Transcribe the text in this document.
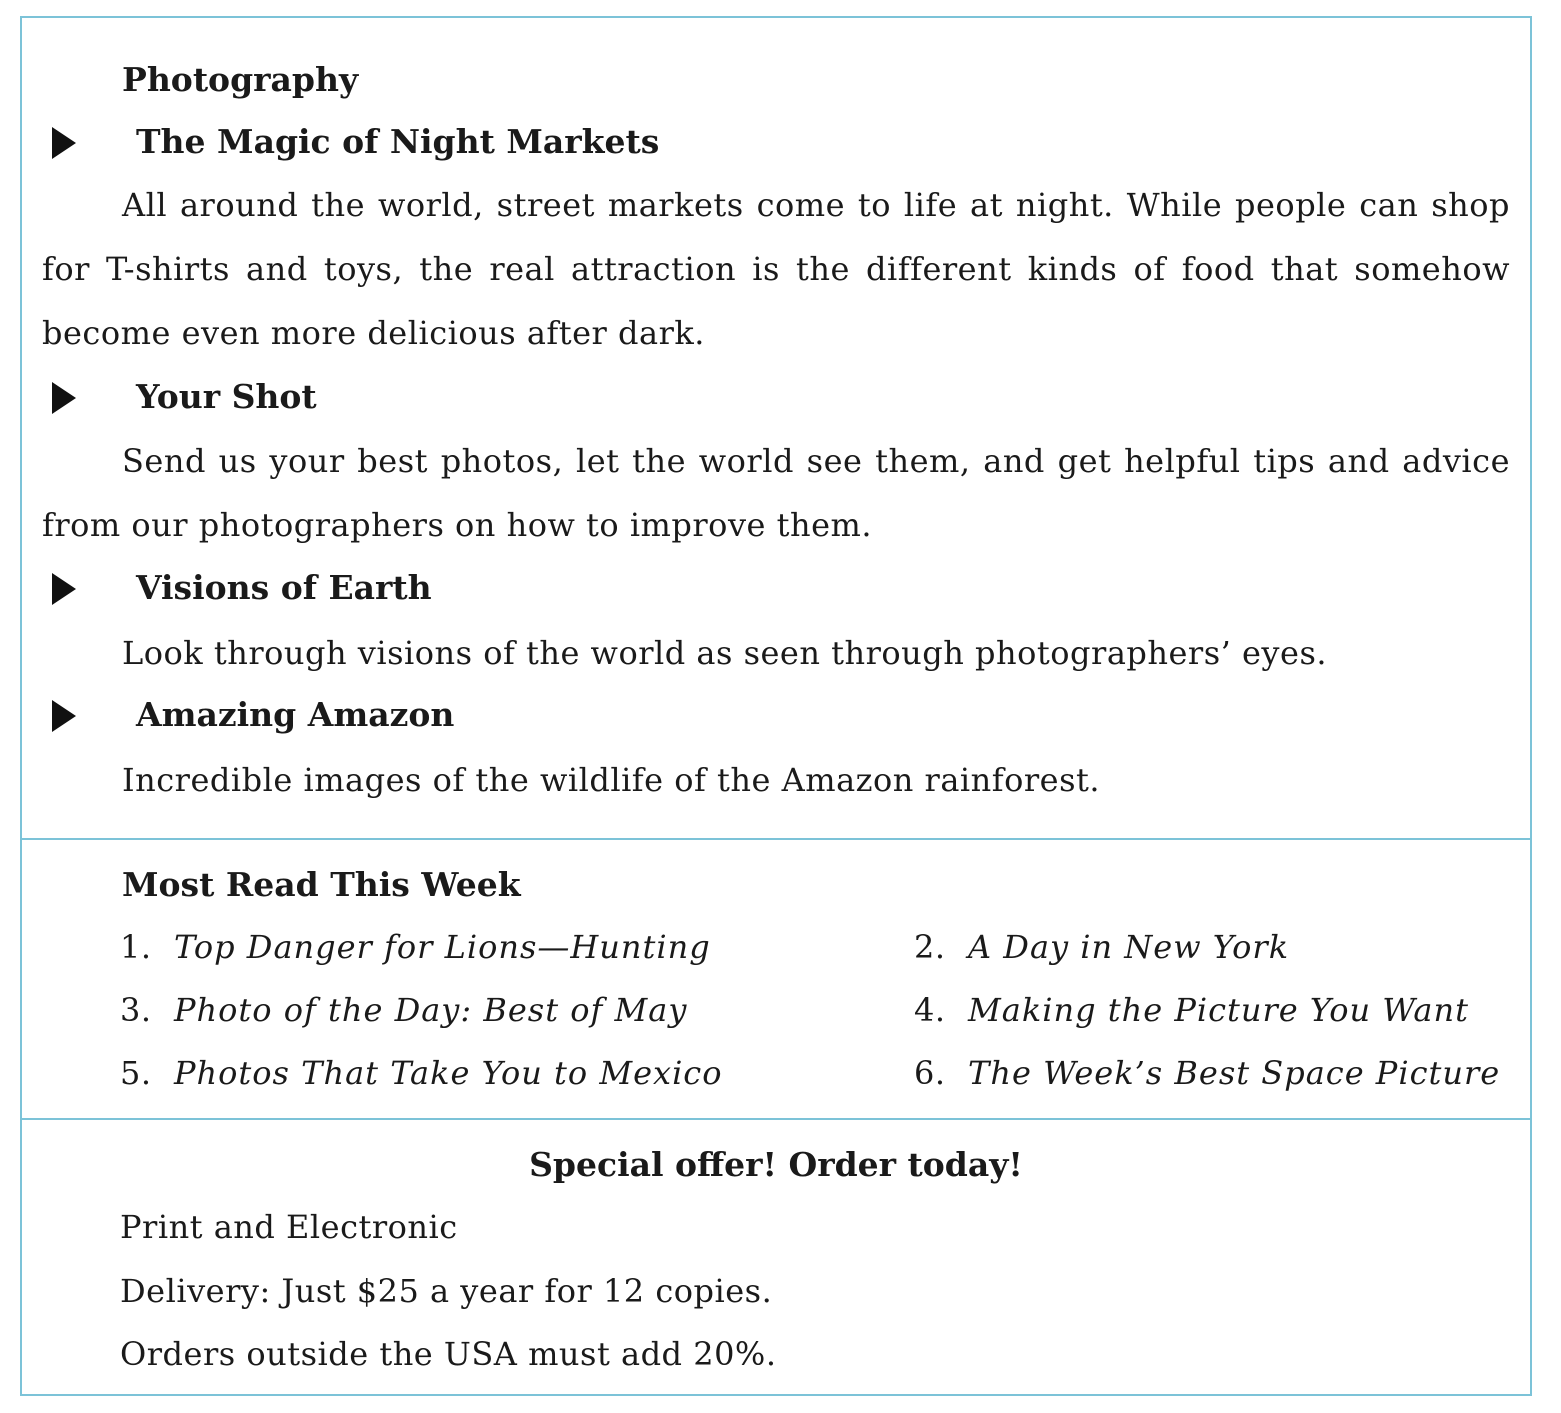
Photography
The Magic of Night Markets
All around the world, street markets come to life at night. While people can shop for T-shirts and toys, the real attraction is the different kinds of food that somehow become even more delicious after dark.
Your Shot
Send us your best photos, let the world see them, and get helpful tips and advice from our photographers on how to improve them.
Visions of Earth
Look through visions of the world as seen through photographers’ eyes.
Amazing Amazon
Incredible images of the wildlife of the Amazon rainforest.
Most Read This Week
1. Top Danger for Lions—Hunting	2. A Day in New York
3. Photo of the Day: Best of May	4. Making the Picture You Want
5. Photos That Take You to Mexico	6. The Week’s Best Space Picture
Special offer! Order today!
Print and Electronic
Delivery: Just $25 a year for 12 copies.
Orders outside the USA must add 20%.
